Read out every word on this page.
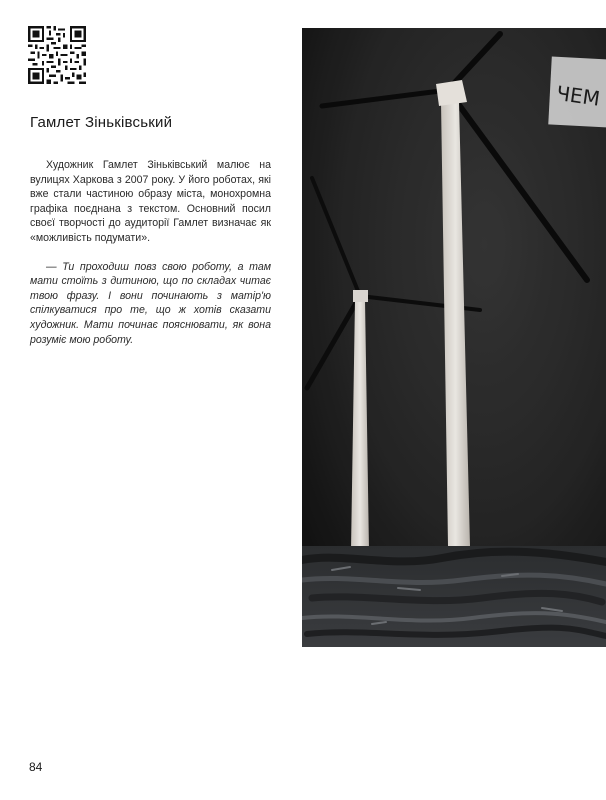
Гамлет Зіньківський

Художник Гамлет Зіньківський малює на вулицях Харкова з 2007 року. У його роботах, які вже стали частиною образу міста, монохромна графіка поєднана з текстом. Основний посил своєї творчості до аудиторії Гамлет визначає як «можливість подумати».

— Ти проходиш повз свою роботу, а там мати стоїть з дитиною, що по складах читає твою фразу. І вони починають з матір'ю спілкуватися про те, що ж хотів сказати художник. Мати починає пояснювати, як вона розуміє мою роботу.

ЧЕМ
84
